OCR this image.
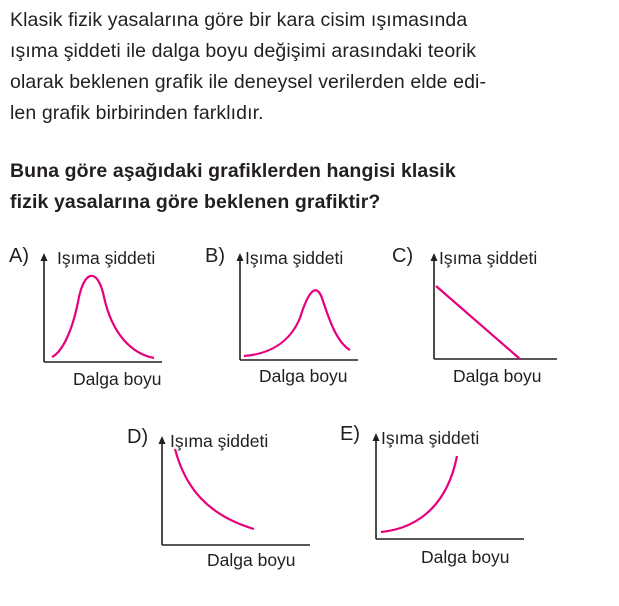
Klasik fizik yasalarına göre bir kara cisim ışımasında
ışıma şiddeti ile dalga boyu değişimi arasındaki teorik
olarak beklenen grafik ile deneysel verilerden elde edi-
len grafik birbirinden farklıdır.
Buna göre aşağıdaki grafiklerden hangisi klasik
fizik yasalarına göre beklenen grafiktir?
A) Işıma şiddeti
Dalga boyu
B) Işıma şiddeti
Dalga boyu
C) Işıma şiddeti
Dalga boyu
D) Işıma şiddeti
Dalga boyu
E) Işıma şiddeti
Dalga boyu
